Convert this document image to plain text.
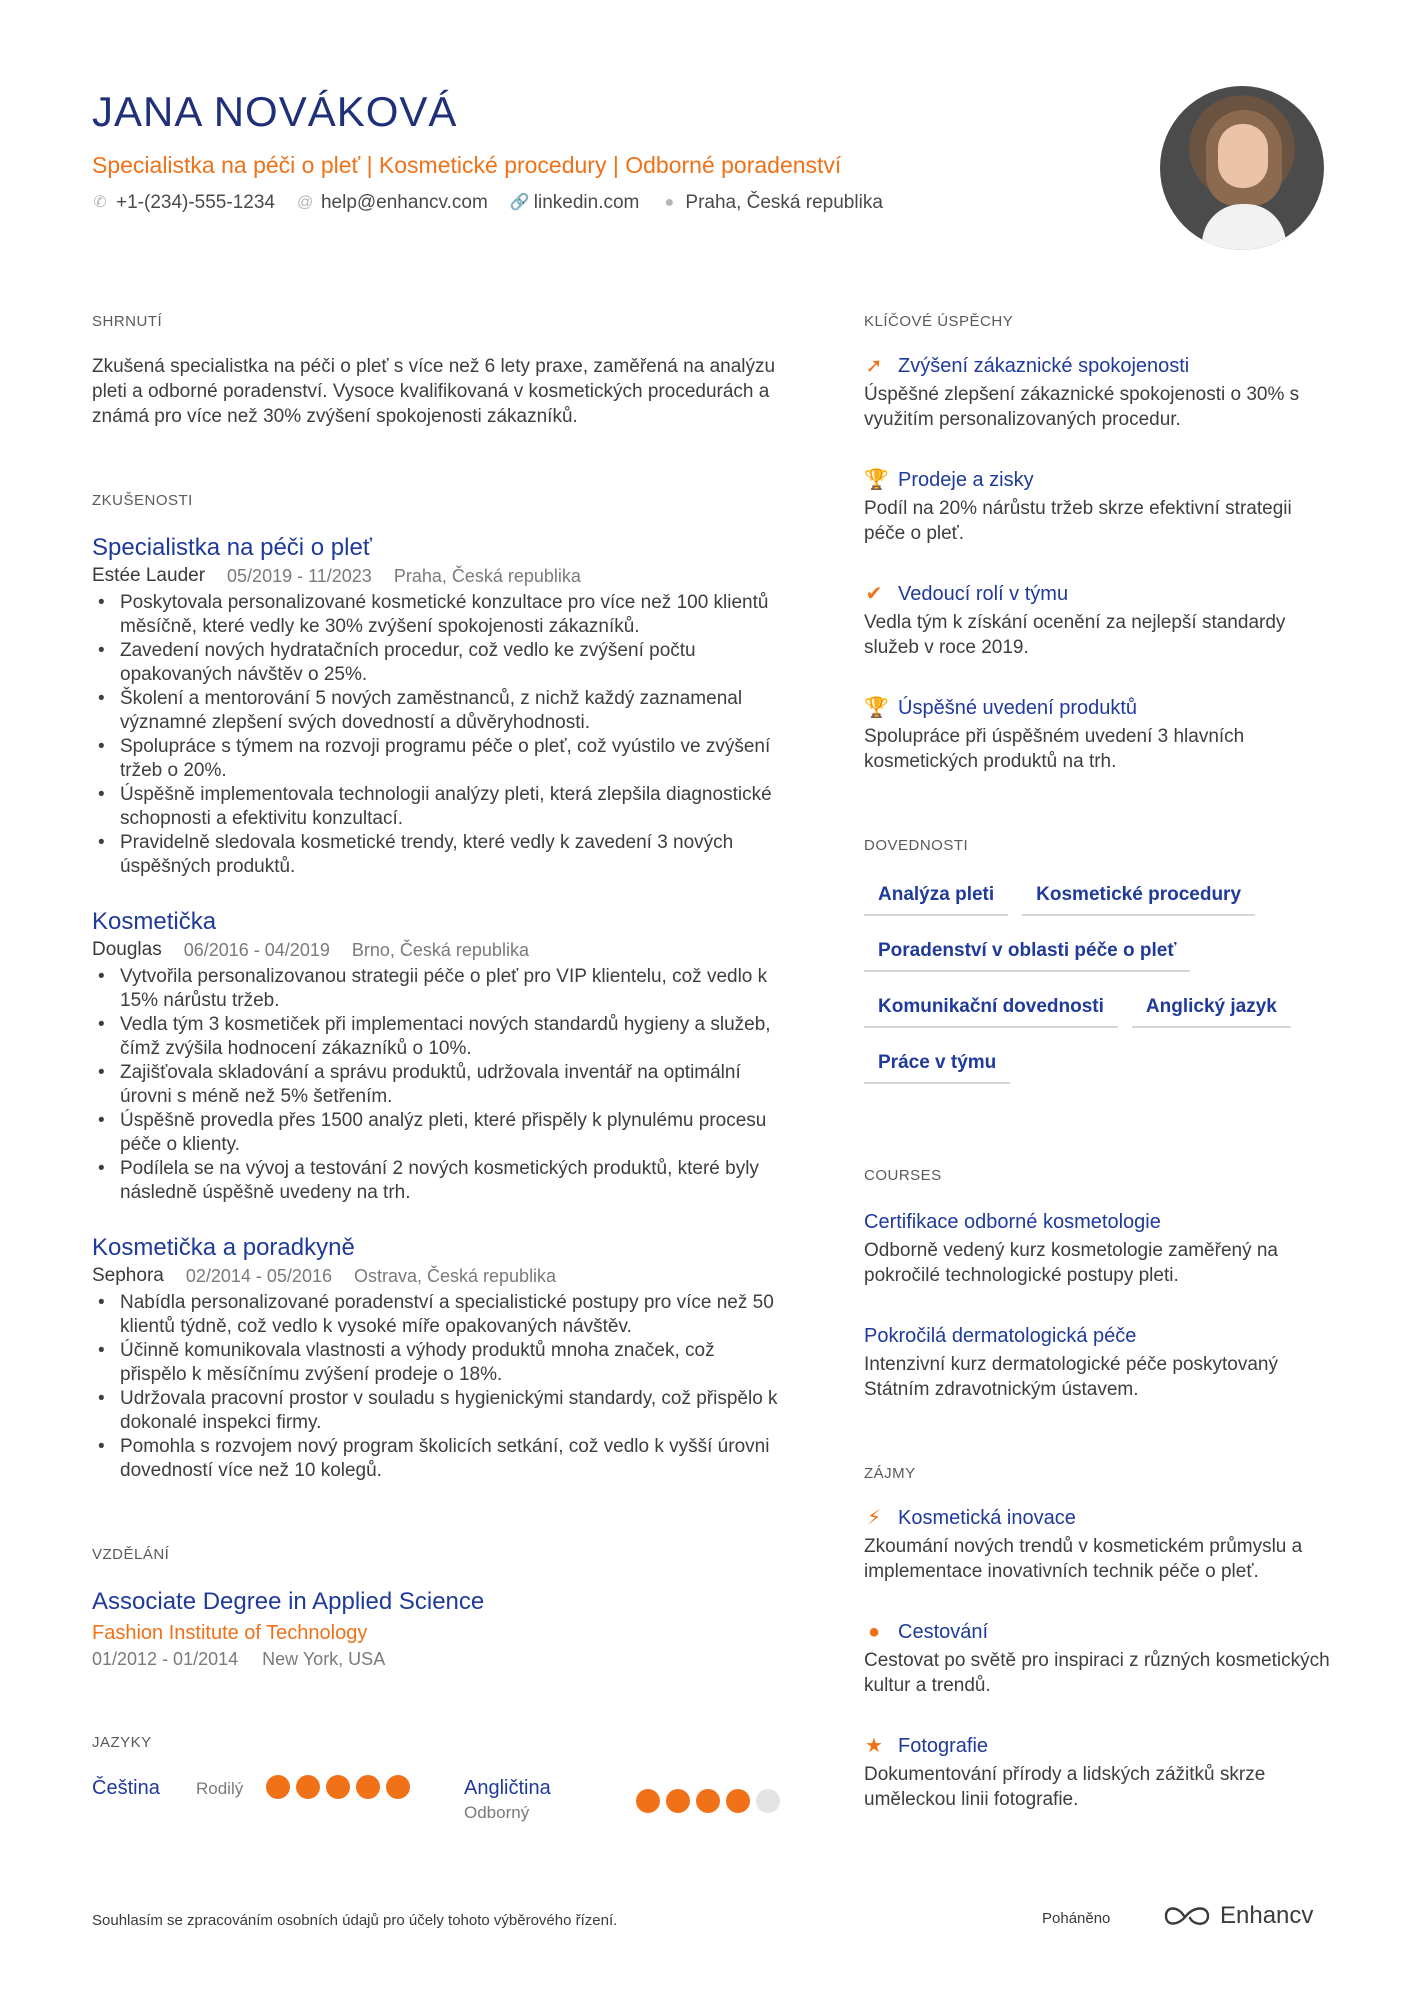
JANA NOVÁKOVÁ
Specialistka na péči o pleť | Kosmetické procedury | Odborné poradenství
✆ +1-(234)-555-1234 @ help@enhancv.com 🔗 linkedin.com ● Praha, Česká republika
SHRNUTÍ

Zkušená specialistka na péči o pleť s více než 6 lety praxe, zaměřená na analýzu pleti a odborné poradenství. Vysoce kvalifikovaná v kosmetických procedurách a známá pro více než 30% zvýšení spokojenosti zákazníků.

ZKUŠENOSTI
Specialistka na péči o pleť
Estée Lauder 05/2019 - 11/2023 Praha, Česká republika
• Poskytovala personalizované kosmetické konzultace pro více než 100 klientů měsíčně, které vedly ke 30% zvýšení spokojenosti zákazníků.
• Zavedení nových hydratačních procedur, což vedlo ke zvýšení počtu opakovaných návštěv o 25%.
• Školení a mentorování 5 nových zaměstnanců, z nichž každý zaznamenal významné zlepšení svých dovedností a důvěryhodnosti.
• Spolupráce s týmem na rozvoji programu péče o pleť, což vyústilo ve zvýšení tržeb o 20%.
• Úspěšně implementovala technologii analýzy pleti, která zlepšila diagnostické schopnosti a efektivitu konzultací.
• Pravidelně sledovala kosmetické trendy, které vedly k zavedení 3 nových úspěšných produktů.
Kosmetička
Douglas 06/2016 - 04/2019 Brno, Česká republika
• Vytvořila personalizovanou strategii péče o pleť pro VIP klientelu, což vedlo k 15% nárůstu tržeb.
• Vedla tým 3 kosmetiček při implementaci nových standardů hygieny a služeb, čímž zvýšila hodnocení zákazníků o 10%.
• Zajišťovala skladování a správu produktů, udržovala inventář na optimální úrovni s méně než 5% šetřením.
• Úspěšně provedla přes 1500 analýz pleti, které přispěly k plynulému procesu péče o klienty.
• Podílela se na vývoj a testování 2 nových kosmetických produktů, které byly následně úspěšně uvedeny na trh.
Kosmetička a poradkyně
Sephora 02/2014 - 05/2016 Ostrava, Česká republika
• Nabídla personalizované poradenství a specialistické postupy pro více než 50 klientů týdně, což vedlo k vysoké míře opakovaných návštěv.
• Účinně komunikovala vlastnosti a výhody produktů mnoha značek, což přispělo k měsíčnímu zvýšení prodeje o 18%.
• Udržovala pracovní prostor v souladu s hygienickými standardy, což přispělo k dokonalé inspekci firmy.
• Pomohla s rozvojem nový program školicích setkání, což vedlo k vyšší úrovni dovedností více než 10 kolegů.
VZDĚLÁNÍ
Associate Degree in Applied Science
Fashion Institute of Technology
01/2012 - 01/2014 New York, USA
JAZYKY
Čeština	Rodilý	Angličtina
Odborný
KLÍČOVÉ ÚSPĚCHY
➚ Zvýšení zákaznické spokojenosti
Úspěšné zlepšení zákaznické spokojenosti o 30% s využitím personalizovaných procedur.
🏆 Prodeje a zisky
Podíl na 20% nárůstu tržeb skrze efektivní strategii péče o pleť.
✔ Vedoucí rolí v týmu
Vedla tým k získání ocenění za nejlepší standardy služeb v roce 2019.
🏆 Úspěšné uvedení produktů
Spolupráce při úspěšném uvedení 3 hlavních kosmetických produktů na trh.
DOVEDNOSTI
Analýza pleti	Kosmetické procedury
Poradenství v oblasti péče o pleť
Komunikační dovednosti	Anglický jazyk
Práce v týmu
COURSES
Certifikace odborné kosmetologie
Odborně vedený kurz kosmetologie zaměřený na pokročilé technologické postupy pleti.
Pokročilá dermatologická péče
Intenzivní kurz dermatologické péče poskytovaný Státním zdravotnickým ústavem.
ZÁJMY
⚡ Kosmetická inovace
Zkoumání nových trendů v kosmetickém průmyslu a implementace inovativních technik péče o pleť.
● Cestování
Cestovat po světě pro inspiraci z různých kosmetických kultur a trendů.
★ Fotografie
Dokumentování přírody a lidských zážitků skrze uměleckou linii fotografie.
Souhlasím se zpracováním osobních údajů pro účely tohoto výběrového řízení.	Poháněno	Enhancv
